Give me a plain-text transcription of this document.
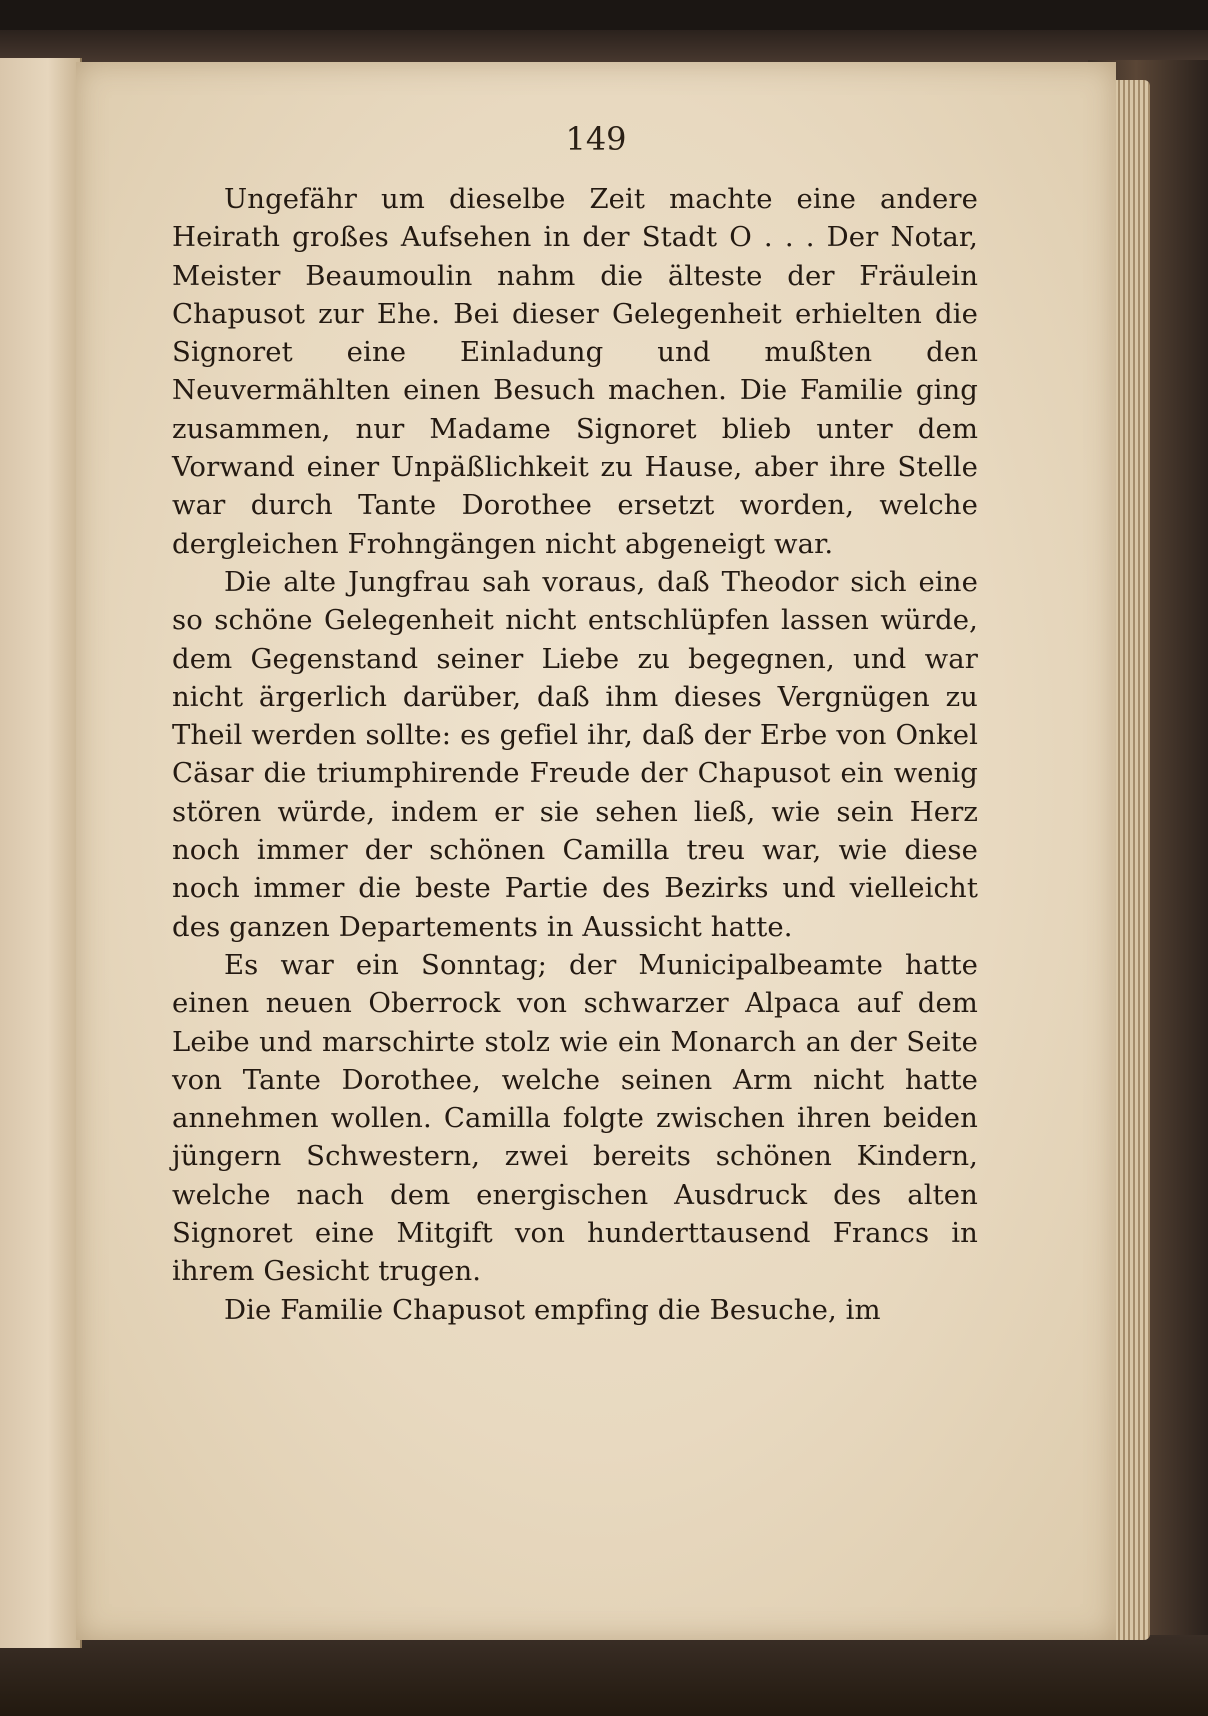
149

Ungefähr um dieselbe Zeit machte eine andere Heirath großes Aufsehen in der Stadt O . . . Der Notar, Meister Beaumoulin nahm die älteste der Fräulein Chapusot zur Ehe. Bei dieser Gelegenheit erhielten die Signoret eine Einladung und mußten den Neuvermählten einen Besuch machen. Die Familie ging zusammen, nur Madame Signoret blieb unter dem Vorwand einer Unpäßlichkeit zu Hause, aber ihre Stelle war durch Tante Dorothee ersetzt worden, welche dergleichen Frohngängen nicht abgeneigt war.

Die alte Jungfrau sah voraus, daß Theodor sich eine so schöne Gelegenheit nicht entschlüpfen lassen würde, dem Gegenstand seiner Liebe zu begegnen, und war nicht ärgerlich darüber, daß ihm dieses Vergnügen zu Theil werden sollte: es gefiel ihr, daß der Erbe von Onkel Cäsar die triumphirende Freude der Chapusot ein wenig stören würde, indem er sie sehen ließ, wie sein Herz noch immer der schönen Camilla treu war, wie diese noch immer die beste Partie des Bezirks und vielleicht des ganzen Departements in Aussicht hatte.

Es war ein Sonntag; der Municipalbeamte hatte einen neuen Oberrock von schwarzer Alpaca auf dem Leibe und marschirte stolz wie ein Monarch an der Seite von Tante Dorothee, welche seinen Arm nicht hatte annehmen wollen. Camilla folgte zwischen ihren beiden jüngern Schwestern, zwei bereits schönen Kindern, welche nach dem energischen Ausdruck des alten Signoret eine Mitgift von hunderttausend Francs in ihrem Gesicht trugen.

Die Familie Chapusot empfing die Besuche, im
